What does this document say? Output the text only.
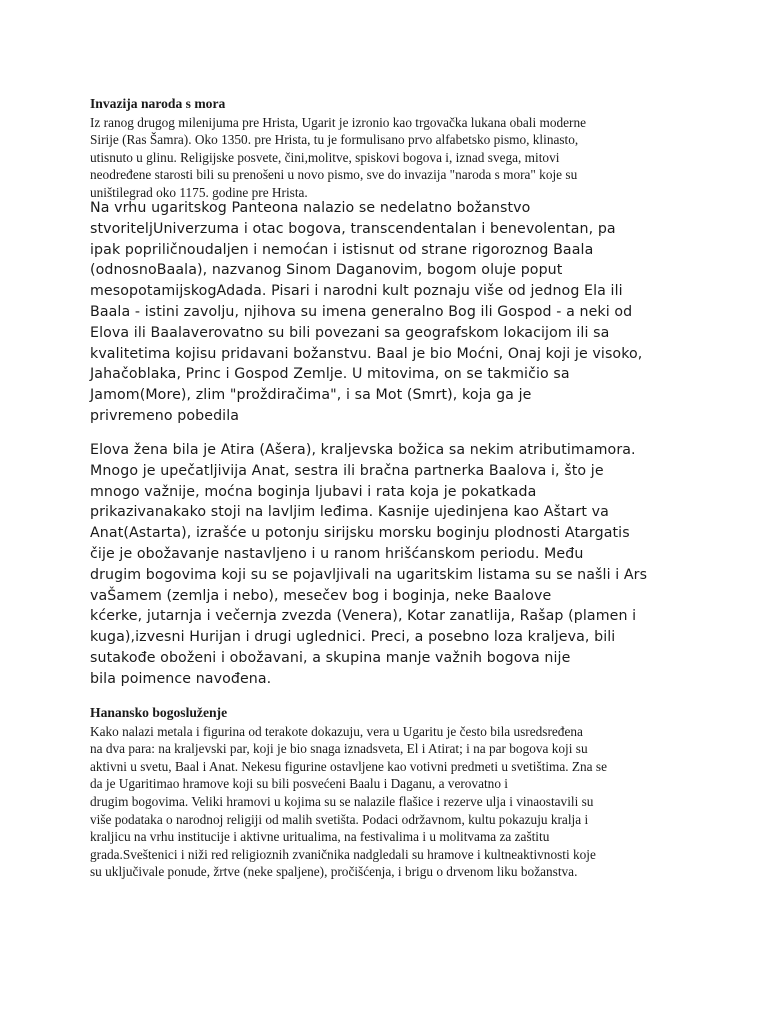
Invazija naroda s mora
Iz ranog drugog milenijuma pre Hrista, Ugarit je izronio kao trgovačka lukana obali moderne
Sirije (Ras Šamra). Oko 1350. pre Hrista, tu je formulisano prvo alfabetsko pismo, klinasto,
utisnuto u glinu. Religijske posvete, čini,molitve, spiskovi bogova i, iznad svega, mitovi
neodređene starosti bili su prenošeni u novo pismo, sve do invazija "naroda s mora" koje su
uništilegrad oko 1175. godine pre Hrista.
Na vrhu ugaritskog Panteona nalazio se nedelatno božanstvo
stvoriteljUniverzuma i otac bogova, transcendentalan i benevolentan, pa
ipak popriličnoudaljen i nemoćan i istisnut od strane rigoroznog Baala
(odnosnoBaala), nazvanog Sinom Daganovim, bogom oluje poput
mesopotamijskogAdada. Pisari i narodni kult poznaju više od jednog Ela ili
Baala - istini zavolju, njihova su imena generalno Bog ili Gospod - a neki od
Elova ili Baalaverovatno su bili povezani sa geografskom lokacijom ili sa
kvalitetima kojisu pridavani božanstvu. Baal je bio Moćni, Onaj koji je visoko,
Jahačoblaka, Princ i Gospod Zemlje. U mitovima, on se takmičio sa
Jamom(More), zlim "proždiračima", i sa Mot (Smrt), koja ga je
privremeno pobedila
Elova žena bila je Atira (Ašera), kraljevska božica sa nekim atributimamora.
Mnogo je upečatljivija Anat, sestra ili bračna partnerka Baalova i, što je
mnogo važnije, moćna boginja ljubavi i rata koja je pokatkada
prikazivanakako stoji na lavljim leđima. Kasnije ujedinjena kao Aštart va
Anat(Astarta), izrašće u potonju sirijsku morsku boginju plodnosti Atargatis
čije je obožavanje nastavljeno i u ranom hrišćanskom periodu. Među
drugim bogovima koji su se pojavljivali na ugaritskim listama su se našli i Ars
vaŠamem (zemlja i nebo), mesečev bog i boginja, neke Baalove
kćerke, jutarnja i večernja zvezda (Venera), Kotar zanatlija, Rašap (plamen i
kuga),izvesni Hurijan i drugi uglednici. Preci, a posebno loza kraljeva, bili
sutakođe oboženi i obožavani, a skupina manje važnih bogova nije
bila poimence navođena.
Hanansko bogosluženje
Kako nalazi metala i figurina od terakote dokazuju, vera u Ugaritu je često bila usredsređena
na dva para: na kraljevski par, koji je bio snaga iznadsveta, El i Atirat; i na par bogova koji su
aktivni u svetu, Baal i Anat. Nekesu figurine ostavljene kao votivni predmeti u svetištima. Zna se
da je Ugaritimao hramove koji su bili posvećeni Baalu i Daganu, a verovatno i
drugim bogovima. Veliki hramovi u kojima su se nalazile flašice i rezerve ulja i vinaostavili su
više podataka o narodnoj religiji od malih svetišta. Podaci održavnom, kultu pokazuju kralja i
kraljicu na vrhu institucije i aktivne uritualima, na festivalima i u molitvama za zaštitu
grada.Sveštenici i niži red religioznih zvaničnika nadgledali su hramove i kultneaktivnosti koje
su uključivale ponude, žrtve (neke spaljene), pročišćenja, i brigu o drvenom liku božanstva.
